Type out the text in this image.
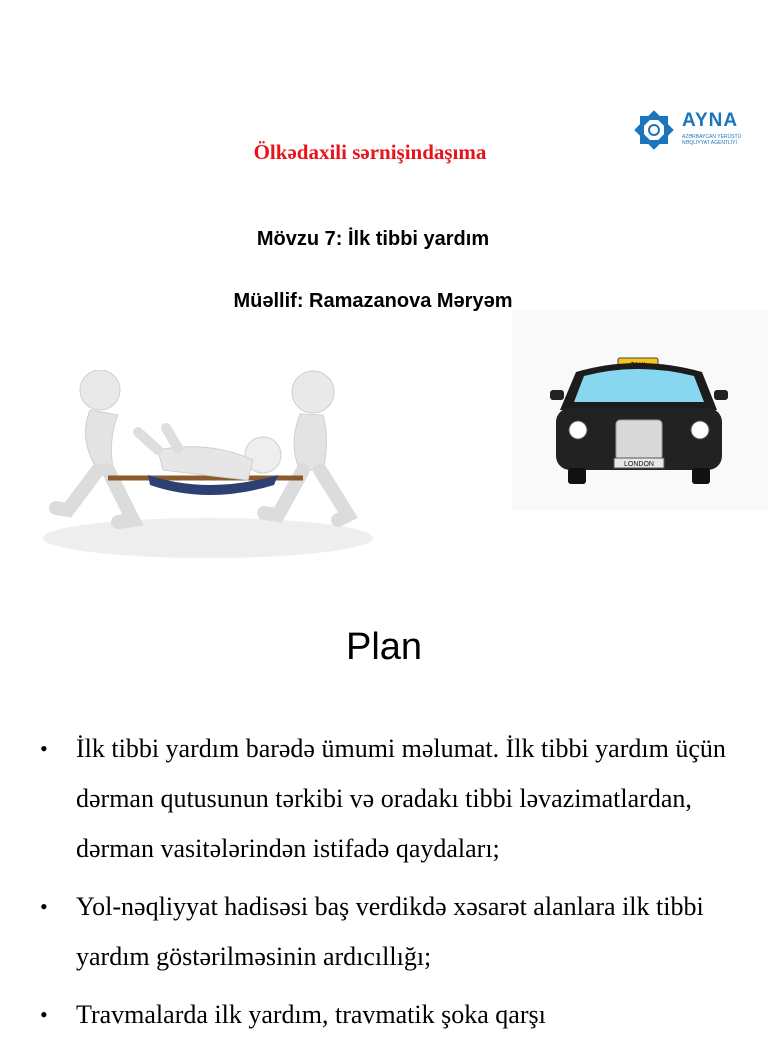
Ölkədaxili sərnişindaşıma
AYNA
AZƏRBAYCAN YERÜSTÜ NƏQLİYYAT AGENTLİYİ
Mövzu 7: İlk tibbi yardım
Müəllif: Ramazanova Məryəm
LONDON
Plan
• İlk tibbi yardım barədə ümumi məlumat. İlk tibbi yardım üçün dərman qutusunun tərkibi və oradakı tibbi ləvazimatlardan, dərman vasitələrindən istifadə qaydaları;
• Yol-nəqliyyat hadisəsi baş verdikdə xəsarət alanlara ilk tibbi yardım göstərilməsinin ardıcıllığı;
• Travmalarda ilk yardım, travmatik şoka qarşı
